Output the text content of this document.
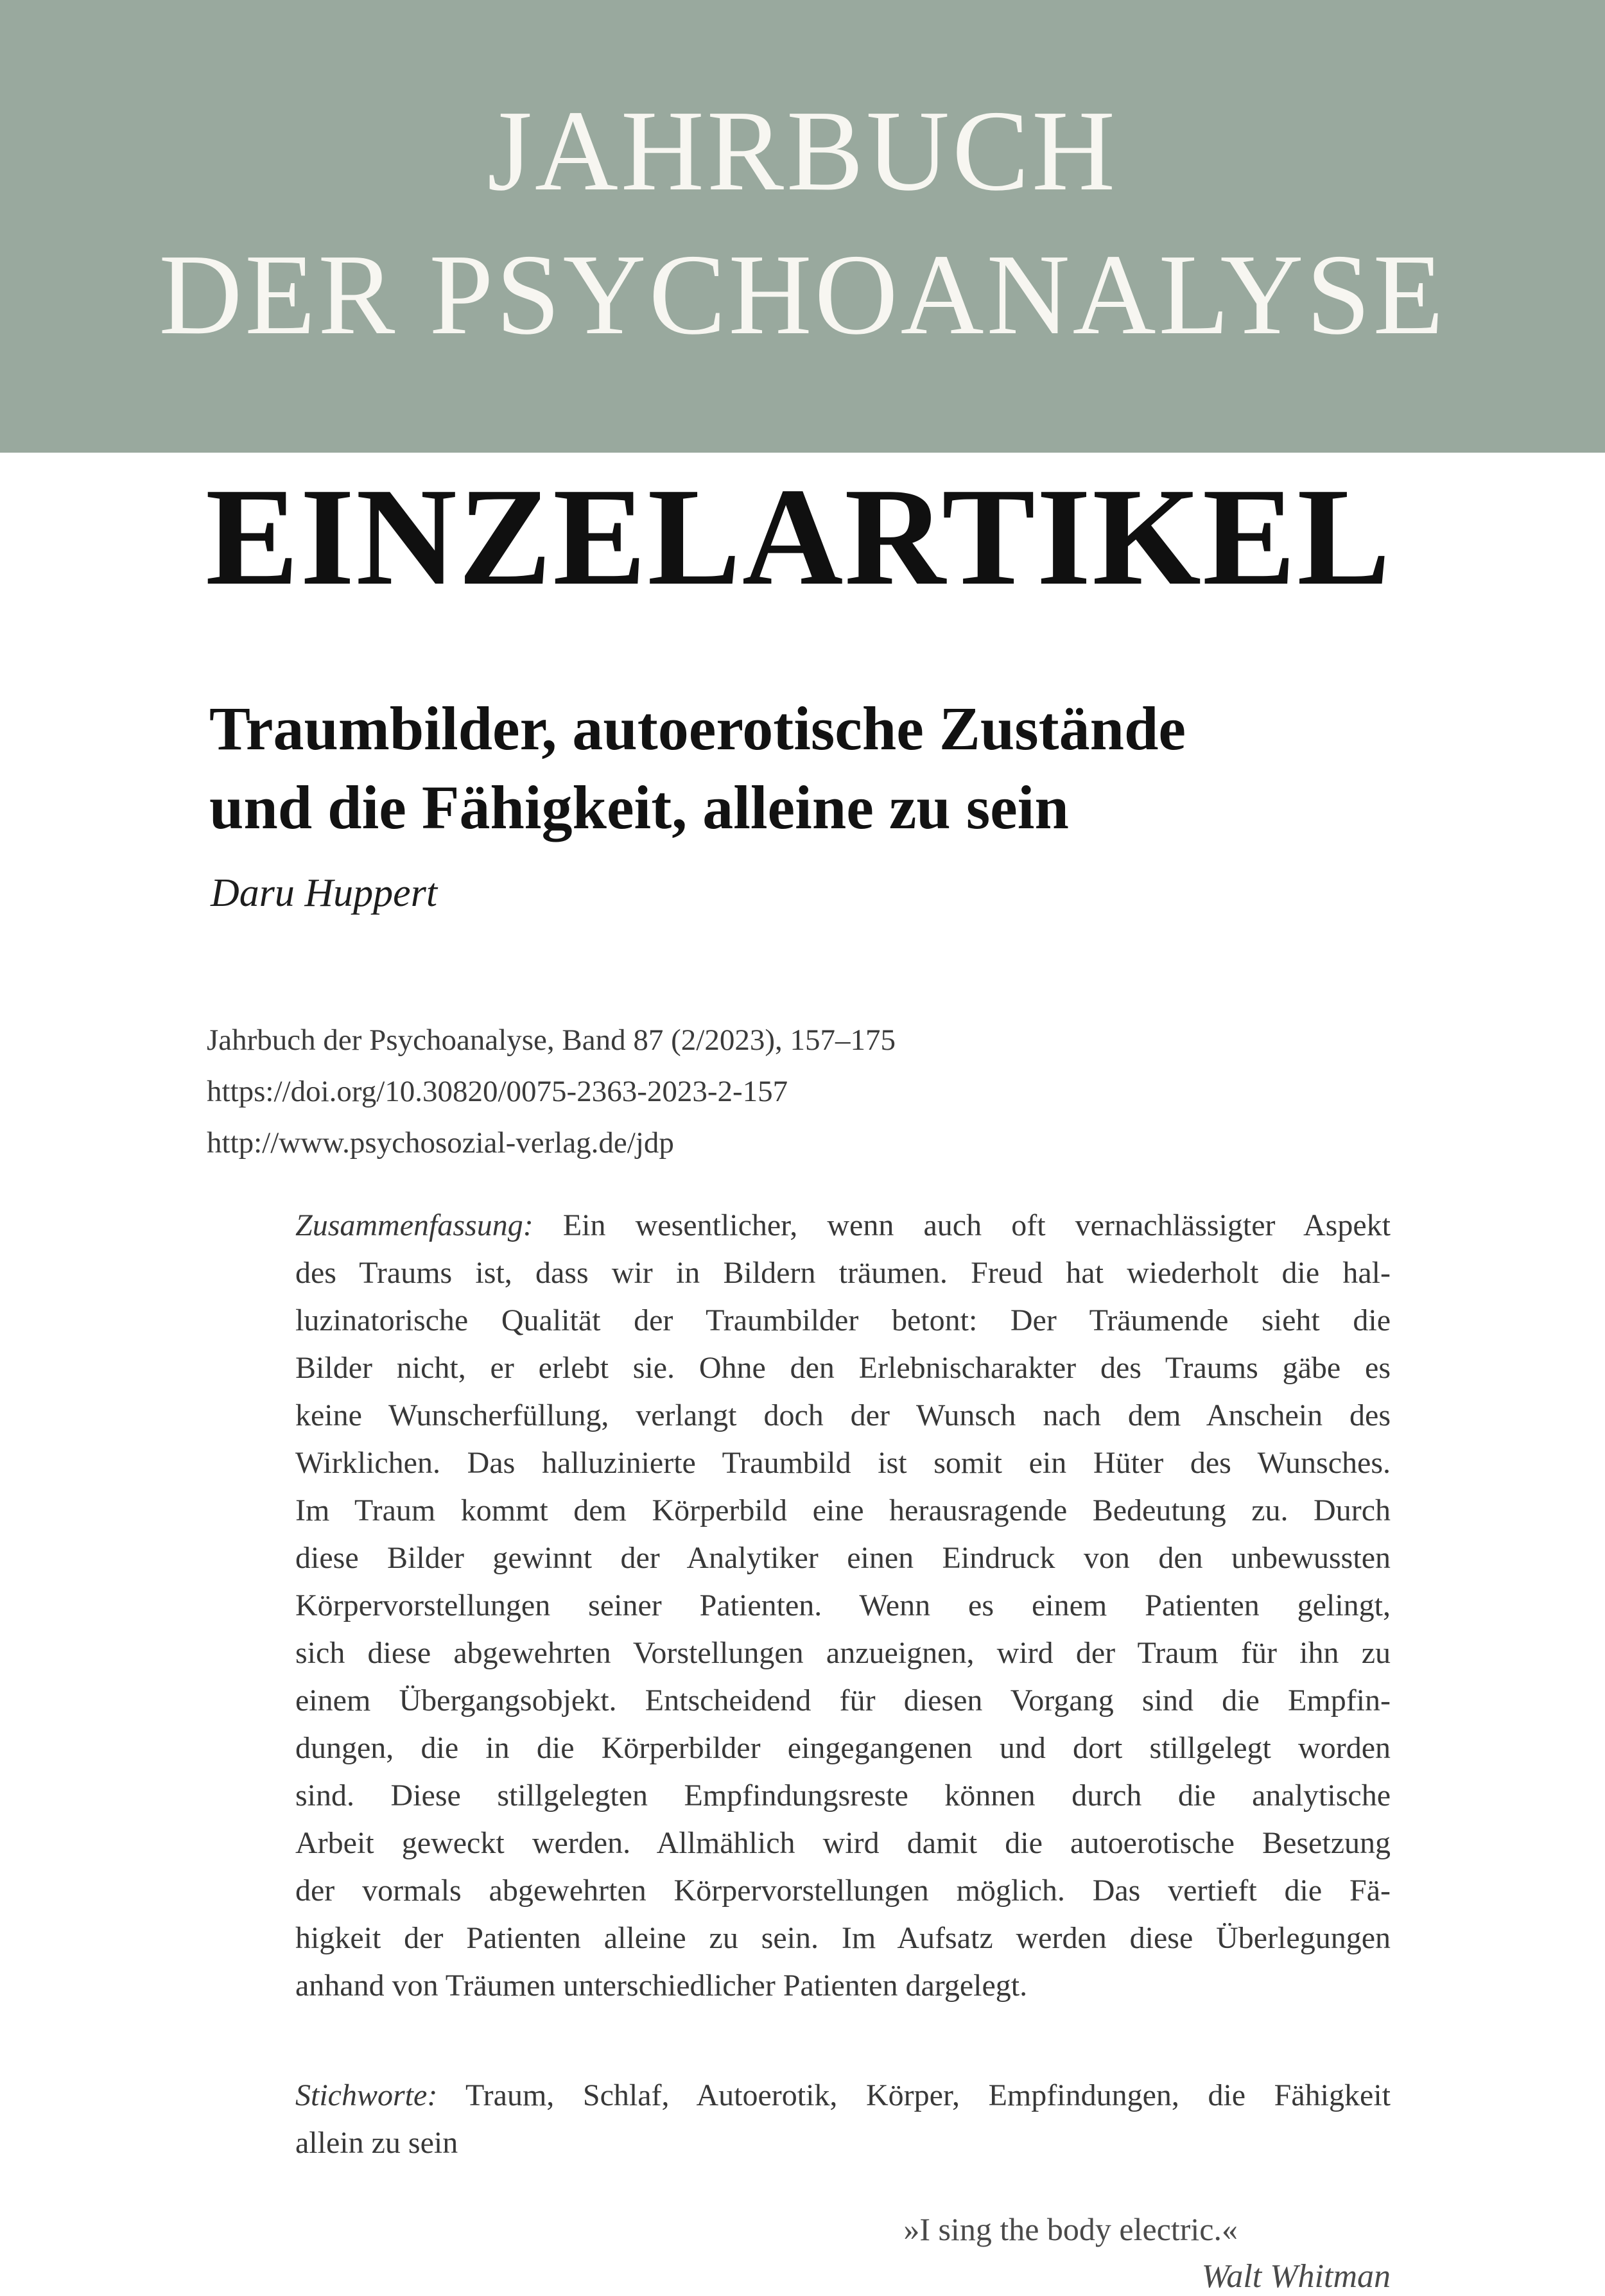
JAHRBUCH
DER PSYCHOANALYSE
EINZELARTIKEL
Traumbilder, autoerotische Zustände
und die Fähigkeit, alleine zu sein
Daru Huppert
Jahrbuch der Psychoanalyse, Band 87 (2/2023), 157–175
https://doi.org/10.30820/0075-2363-2023-2-157
http://www.psychosozial-verlag.de/jdp
Zusammenfassung: Ein wesentlicher, wenn auch oft vernachlässigter Aspekt
des Traums ist, dass wir in Bildern träumen. Freud hat wiederholt die hal-
luzinatorische Qualität der Traumbilder betont: Der Träumende sieht die
Bilder nicht, er erlebt sie. Ohne den Erlebnischarakter des Traums gäbe es
keine Wunscherfüllung, verlangt doch der Wunsch nach dem Anschein des
Wirklichen. Das halluzinierte Traumbild ist somit ein Hüter des Wunsches.
Im Traum kommt dem Körperbild eine herausragende Bedeutung zu. Durch
diese Bilder gewinnt der Analytiker einen Eindruck von den unbewussten
Körpervorstellungen seiner Patienten. Wenn es einem Patienten gelingt,
sich diese abgewehrten Vorstellungen anzueignen, wird der Traum für ihn zu
einem Übergangsobjekt. Entscheidend für diesen Vorgang sind die Empfin-
dungen, die in die Körperbilder eingegangenen und dort stillgelegt worden
sind. Diese stillgelegten Empfindungsreste können durch die analytische
Arbeit geweckt werden. Allmählich wird damit die autoerotische Besetzung
der vormals abgewehrten Körpervorstellungen möglich. Das vertieft die Fä-
higkeit der Patienten alleine zu sein. Im Aufsatz werden diese Überlegungen
anhand von Träumen unterschiedlicher Patienten dargelegt.
Stichworte: Traum, Schlaf, Autoerotik, Körper, Empfindungen, die Fähigkeit
allein zu sein
»I sing the body electric.«
Walt Whitman
